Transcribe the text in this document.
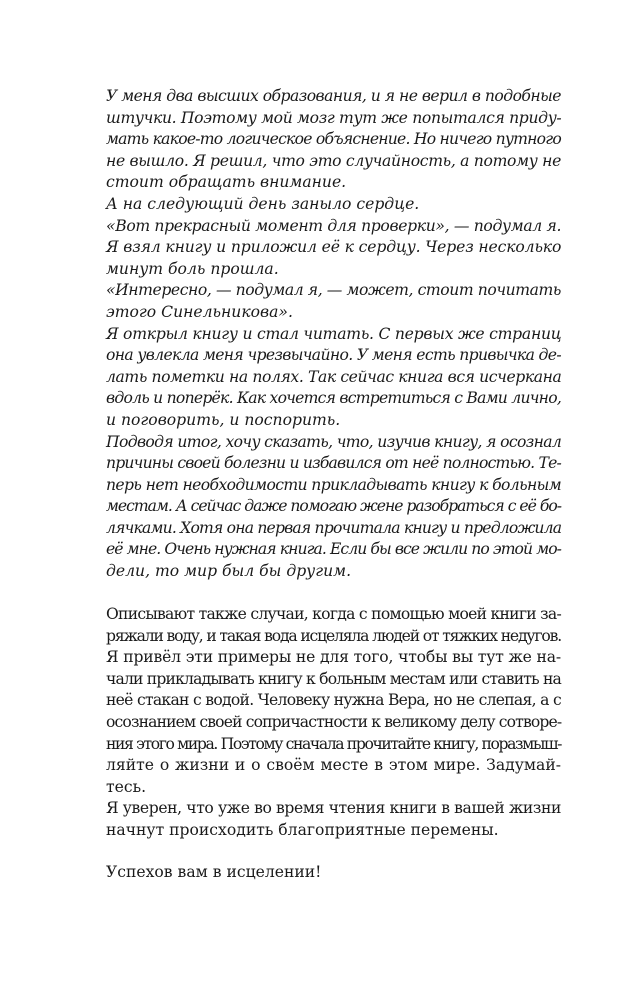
У меня два высших образования, и я не верил в подобные
штучки. Поэтому мой мозг тут же попытался приду-
мать какое-то логическое объяснение. Но ничего путного
не вышло. Я решил, что это случайность, а потому не
стоит обращать внимание.
А на следующий день заныло сердце.
«Вот прекрасный момент для проверки», — подумал я.
Я взял книгу и приложил её к сердцу. Через несколько
минут боль прошла.
«Интересно, — подумал я, — может, стоит почитать
этого Синельникова».
Я открыл книгу и стал читать. С первых же страниц
она увлекла меня чрезвычайно. У меня есть привычка де-
лать пометки на полях. Так сейчас книга вся исчеркана
вдоль и поперёк. Как хочется встретиться с Вами лично,
и поговорить, и поспорить.
Подводя итог, хочу сказать, что, изучив книгу, я осознал
причины своей болезни и избавился от неё полностью. Те-
перь нет необходимости прикладывать книгу к больным
местам. А сейчас даже помогаю жене разобраться с её бо-
лячками. Хотя она первая прочитала книгу и предложила
её мне. Очень нужная книга. Если бы все жили по этой мо-
дели, то мир был бы другим.
Описывают также случаи, когда с помощью моей книги за-
ряжали воду, и такая вода исцеляла людей от тяжких недугов.
Я привёл эти примеры не для того, чтобы вы тут же на-
чали прикладывать книгу к больным местам или ставить на
неё стакан с водой. Человеку нужна Вера, но не слепая, а с
осознанием своей сопричастности к великому делу сотворе-
ния этого мира. Поэтому сначала прочитайте книгу, поразмыш-
ляйте о жизни и о своём месте в этом мире. Задумай-
тесь.
Я уверен, что уже во время чтения книги в вашей жизни
начнут происходить благоприятные перемены.
Успехов вам в исцелении!
